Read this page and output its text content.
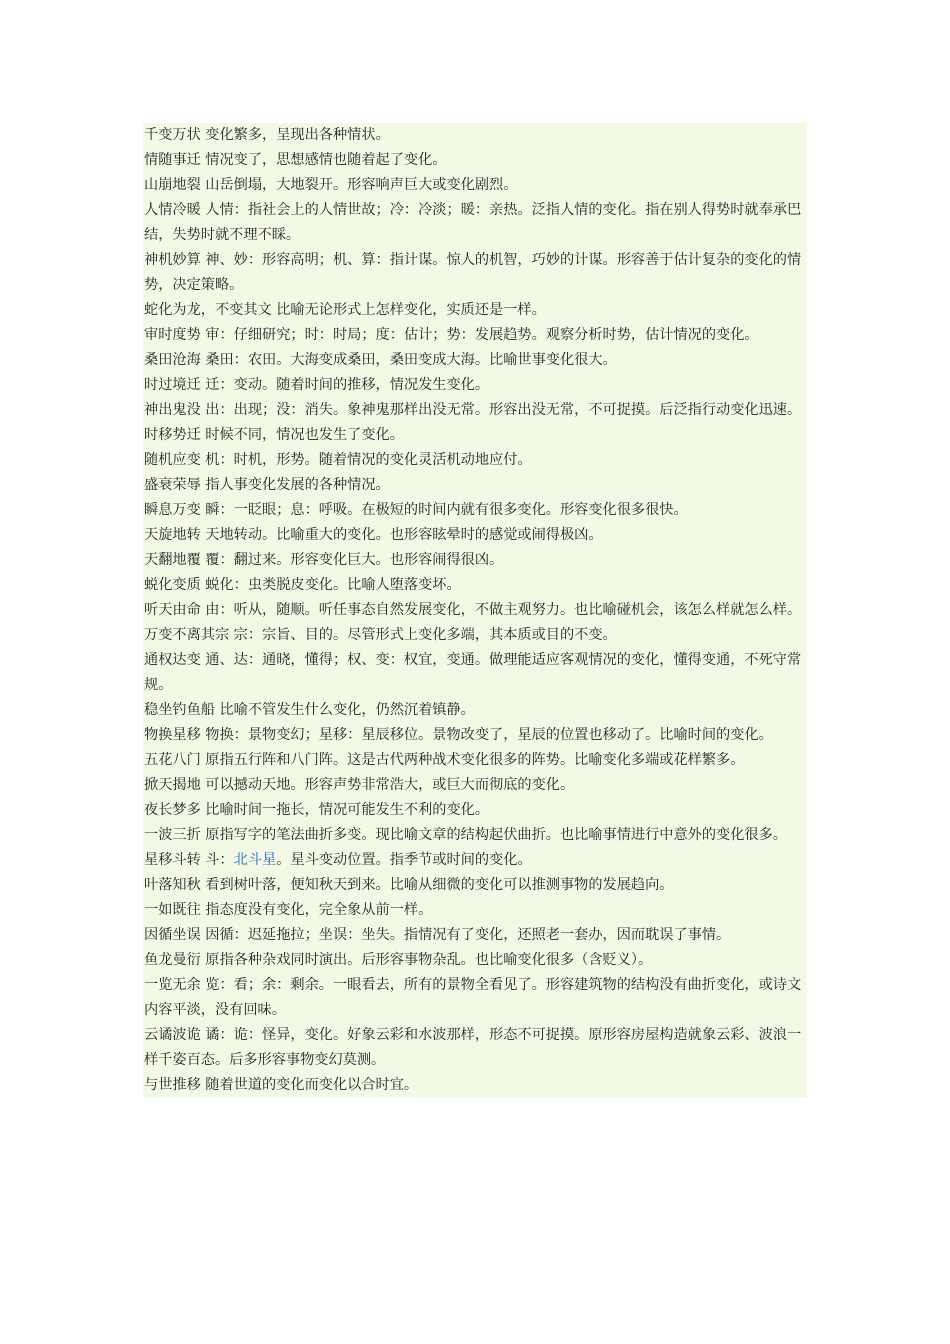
千变万状 变化繁多，呈现出各种情状。

情随事迁 情况变了，思想感情也随着起了变化。

山崩地裂 山岳倒塌，大地裂开。形容响声巨大或变化剧烈。

人情冷暖 人情：指社会上的人情世故；冷：冷淡；暖：亲热。泛指人情的变化。指在别人得势时就奉承巴结，失势时就不理不睬。

神机妙算 神、妙：形容高明；机、算：指计谋。惊人的机智，巧妙的计谋。形容善于估计复杂的变化的情势，决定策略。

蛇化为龙，不变其文 比喻无论形式上怎样变化，实质还是一样。

审时度势 审：仔细研究；时：时局；度：估计；势：发展趋势。观察分析时势，估计情况的变化。

桑田沧海 桑田：农田。大海变成桑田，桑田变成大海。比喻世事变化很大。

时过境迁 迁：变动。随着时间的推移，情况发生变化。

神出鬼没 出：出现；没：消失。象神鬼那样出没无常。形容出没无常，不可捉摸。后泛指行动变化迅速。

时移势迁 时候不同，情况也发生了变化。

随机应变 机：时机，形势。随着情况的变化灵活机动地应付。

盛衰荣辱 指人事变化发展的各种情况。

瞬息万变 瞬：一眨眼；息：呼吸。在极短的时间内就有很多变化。形容变化很多很快。

天旋地转 天地转动。比喻重大的变化。也形容眩晕时的感觉或闹得极凶。

天翻地覆 覆：翻过来。形容变化巨大。也形容闹得很凶。

蜕化变质 蜕化：虫类脱皮变化。比喻人堕落变坏。

听天由命 由：听从，随顺。听任事态自然发展变化，不做主观努力。也比喻碰机会，该怎么样就怎么样。

万变不离其宗 宗：宗旨、目的。尽管形式上变化多端，其本质或目的不变。

通权达变 通、达：通晓，懂得；权、变：权宜，变通。做理能适应客观情况的变化，懂得变通，不死守常规。

稳坐钓鱼船 比喻不管发生什么变化，仍然沉着镇静。

物换星移 物换：景物变幻；星移：星辰移位。景物改变了，星辰的位置也移动了。比喻时间的变化。

五花八门 原指五行阵和八门阵。这是古代两种战术变化很多的阵势。比喻变化多端或花样繁多。

掀天揭地 可以撼动天地。形容声势非常浩大，或巨大而彻底的变化。

夜长梦多 比喻时间一拖长，情况可能发生不利的变化。

一波三折 原指写字的笔法曲折多变。现比喻文章的结构起伏曲折。也比喻事情进行中意外的变化很多。

星移斗转 斗：北斗星。星斗变动位置。指季节或时间的变化。

叶落知秋 看到树叶落，便知秋天到来。比喻从细微的变化可以推测事物的发展趋向。

一如既往 指态度没有变化，完全象从前一样。

因循坐误 因循：迟延拖拉；坐误：坐失。指情况有了变化，还照老一套办，因而耽误了事情。

鱼龙曼衍 原指各种杂戏同时演出。后形容事物杂乱。也比喻变化很多（含贬义）。

一览无余 览：看；余：剩余。一眼看去，所有的景物全看见了。形容建筑物的结构没有曲折变化，或诗文内容平淡，没有回味。

云谲波诡 谲：诡：怪异，变化。好象云彩和水波那样，形态不可捉摸。原形容房屋构造就象云彩、波浪一样千姿百态。后多形容事物变幻莫测。

与世推移 随着世道的变化而变化以合时宜。
